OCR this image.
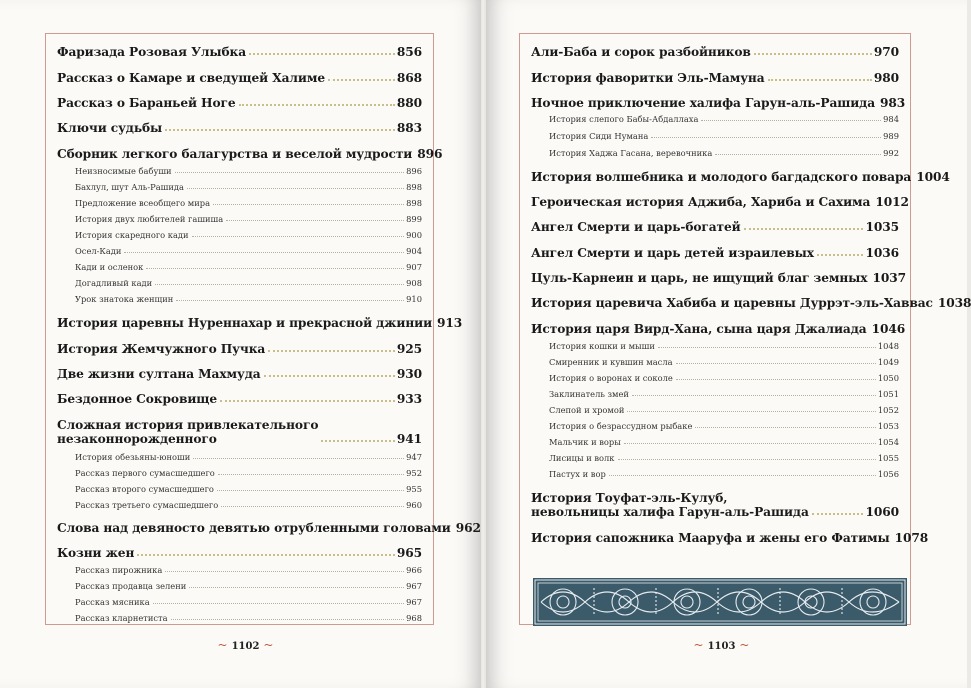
Фаризада Розовая Улыбка	856
Рассказ о Камаре и сведущей Халиме	868
Рассказ о Бараньей Ноге	880
Ключи судьбы	883
Сборник легкого балагурства и веселой мудрости 896
Неизносимые бабуши	896
Бахлул, шут Аль-Рашида	898
Предложение всеобщего мира	898
История двух любителей гашиша	899
История скаредного кади	900
Осел-Кади	904
Кади и осленок	907
Догадливый кади	908
Урок знатока женщин	910
История царевны Нуреннахар и прекрасной джинии 913
История Жемчужного Пучка	925
Две жизни султана Махмуда	930
Бездонное Сокровище	933
Сложная история привлекательного
незаконнорожденного	941
История обезьяны-юноши	947
Рассказ первого сумасшедшего	952
Рассказ второго сумасшедшего	955
Рассказ третьего сумасшедшего	960
Слова над девяносто девятью отрубленными головами 962
Козни жен	965
Рассказ пирожника	966
Рассказ продавца зелени	967
Рассказ мясника	967
Рассказ кларнетиста	968
~ 1102 ~
Али-Баба и сорок разбойников	970
История фаворитки Эль-Мамуна	980
Ночное приключение халифа Гарун-аль-Рашида 983
История слепого Бабы-Абдаллаха	984
История Сиди Нумана	989
История Хаджа Гасана, веревочника	992
История волшебника и молодого багдадского повара 1004
Героическая история Аджиба, Хариба и Сахима 1012
Ангел Смерти и царь-богатей	1035
Ангел Смерти и царь детей израилевых	1036
Цуль-Карнеин и царь, не ищущий благ земных 1037
История царевича Хабиба и царевны Дуррэт-эль-Хаввас 1038
История царя Вирд-Хана, сына царя Джалиада 1046
История кошки и мыши	1048
Смиренник и кувшин масла	1049
История о воронах и соколе	1050
Заклинатель змей	1051
Слепой и хромой	1052
История о безрассудном рыбаке	1053
Мальчик и воры	1054
Лисицы и волк	1055
Пастух и вор	1056
История Тоуфат-эль-Кулуб,
невольницы халифа Гарун-аль-Рашида	1060
История сапожника Мааруфа и жены его Фатимы 1078
~ 1103 ~
